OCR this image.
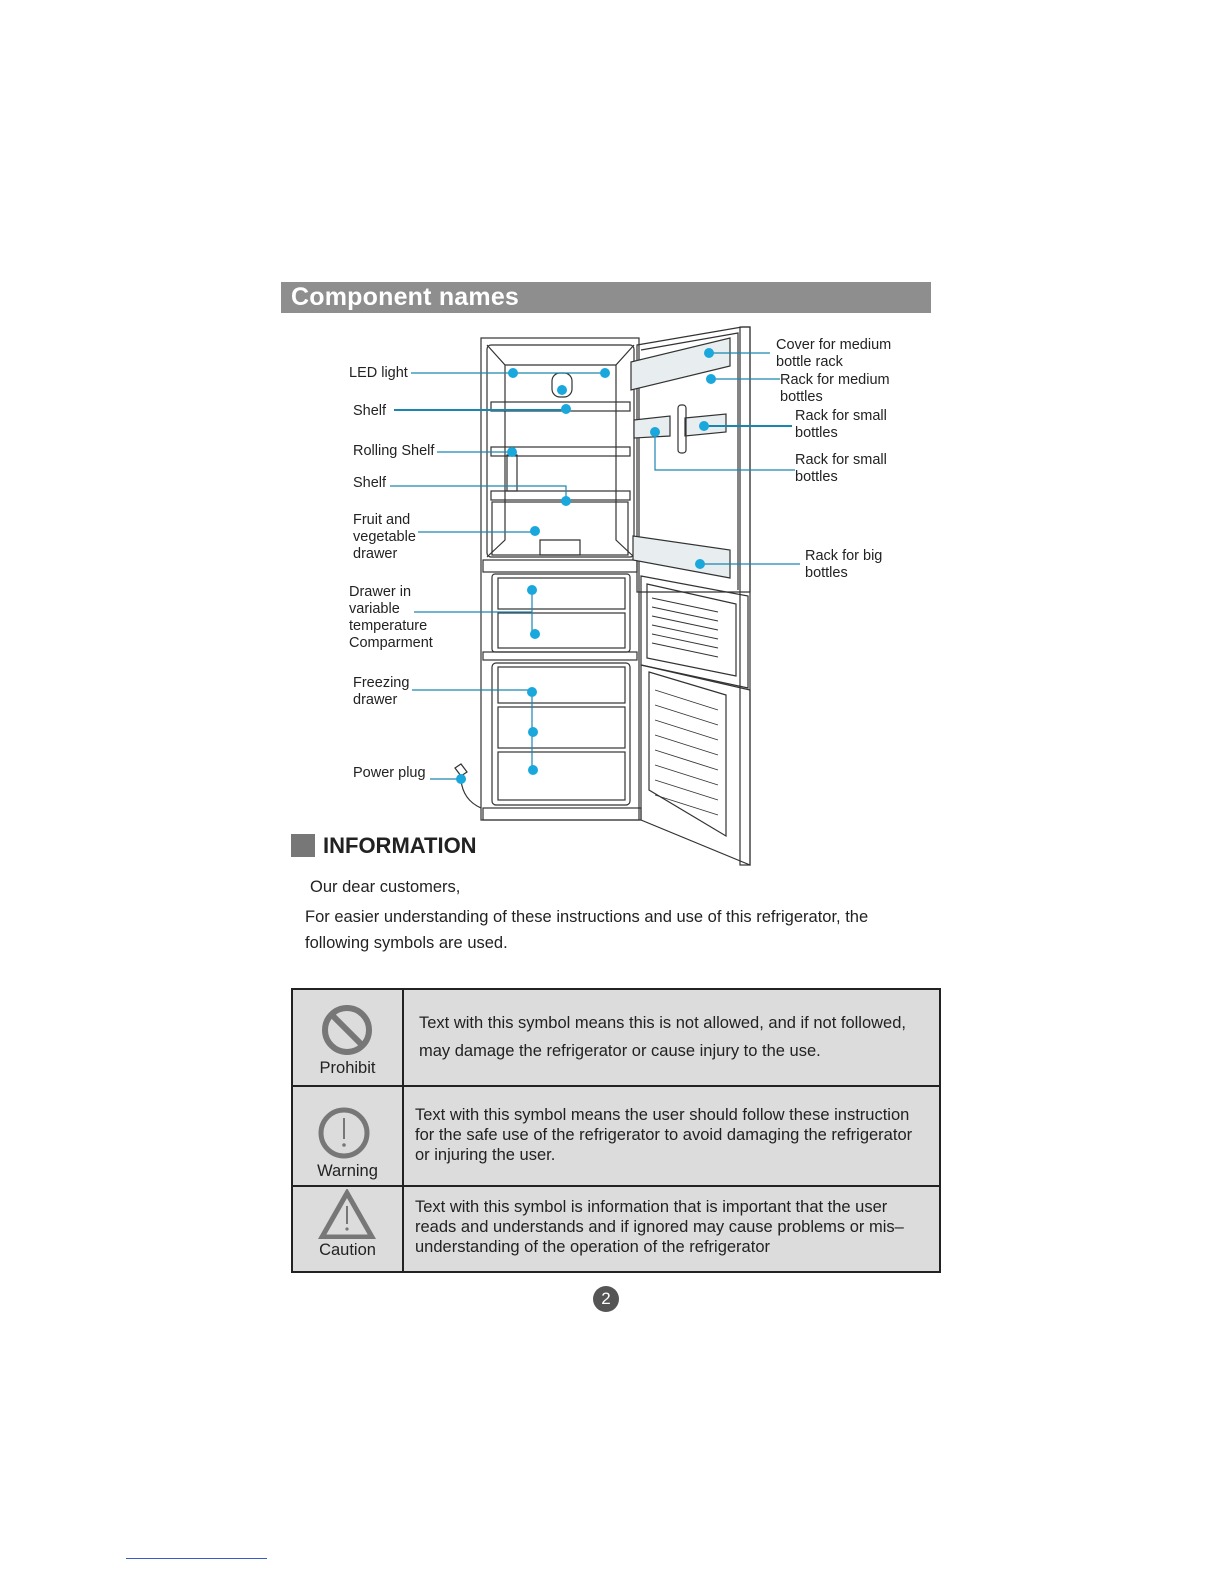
Component names
LED light
Shelf
Rolling Shelf
Shelf
Fruit and
vegetable
drawer
Drawer in
variable
temperature
Comparment
Freezing
drawer
Power plug
Cover for medium
bottle rack
Rack for medium
bottles
Rack for small
bottles
Rack for small
bottles
Rack for big
bottles
INFORMATION
Our dear customers,
For easier understanding of these instructions and use of this refrigerator, the
following symbols are used.
Prohibit	Text with this symbol means this is not allowed, and if not followed,
may damage the refrigerator or cause injury to the use.

Warning	Text with this symbol means the user should follow these instruction
for the safe use of the refrigerator to avoid damaging the refrigerator
or injuring the user.

Caution	Text with this symbol is information that is important that the user
reads and understands and if ignored may cause problems or mis–
understanding of the operation of the refrigerator
2
